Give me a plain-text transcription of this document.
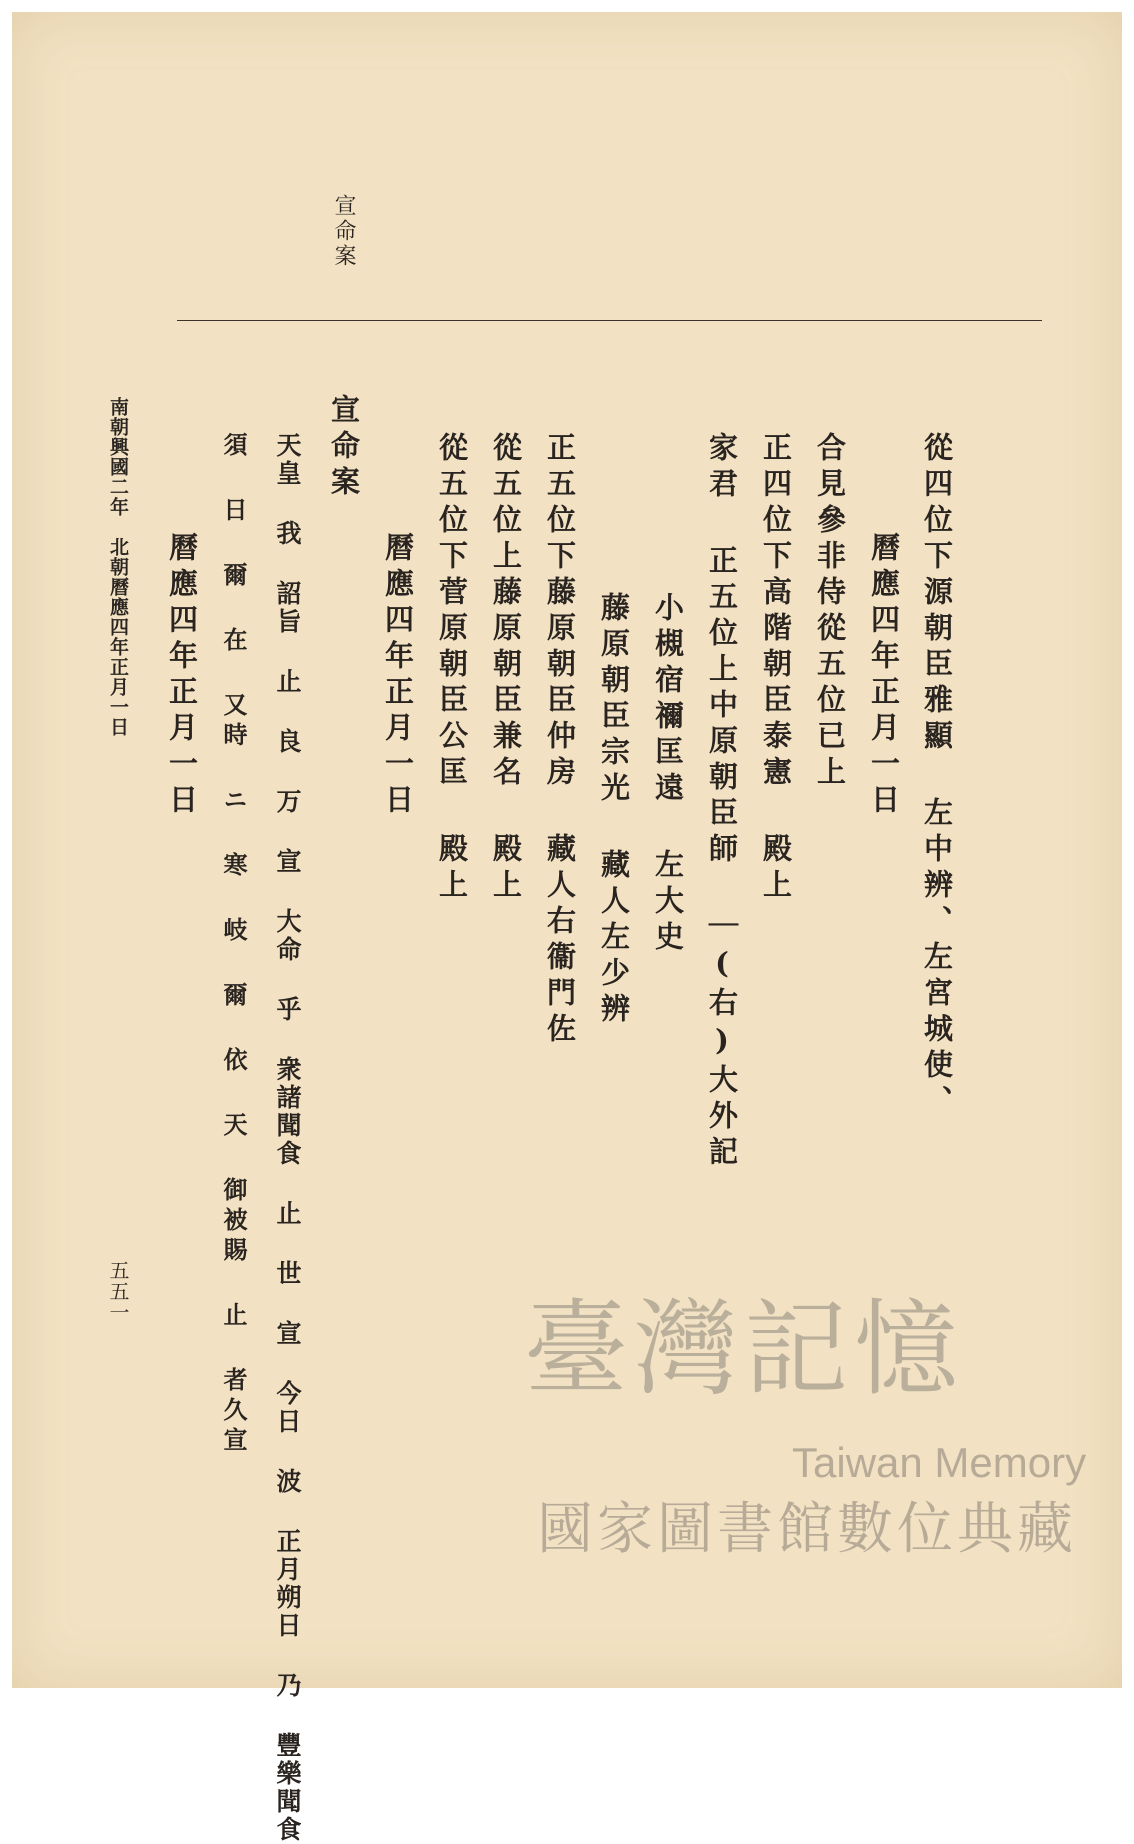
宣命案
從四位下源朝臣雅顯 左中辨、左宮城使、
曆應四年正月一日
合見參非侍從五位已上
正四位下高階朝臣泰憲 殿上
家君 正五位上中原朝臣師 ｜(右)大外記
小槻宿禰匡遠 左大史
藤原朝臣宗光 藏人左少辨
正五位下藤原朝臣仲房 藏人右衞門佐
從五位上藤原朝臣兼名 殿上
從五位下菅原朝臣公匡 殿上
曆應四年正月一日
宣命案
天皇 我 詔旨 止 良 万 宣 大命 乎 衆諸聞食 止 世 宣 今日 波 正月朔日 乃 豐樂聞食
須 日 爾 在 又時 ニ 寒 岐 爾 依 天 御被賜 止 者久宣
曆應四年正月一日
南朝興國二年　北朝曆應四年正月一日
五五一	臺灣記憶
Taiwan Memory
國家圖書館數位典藏
